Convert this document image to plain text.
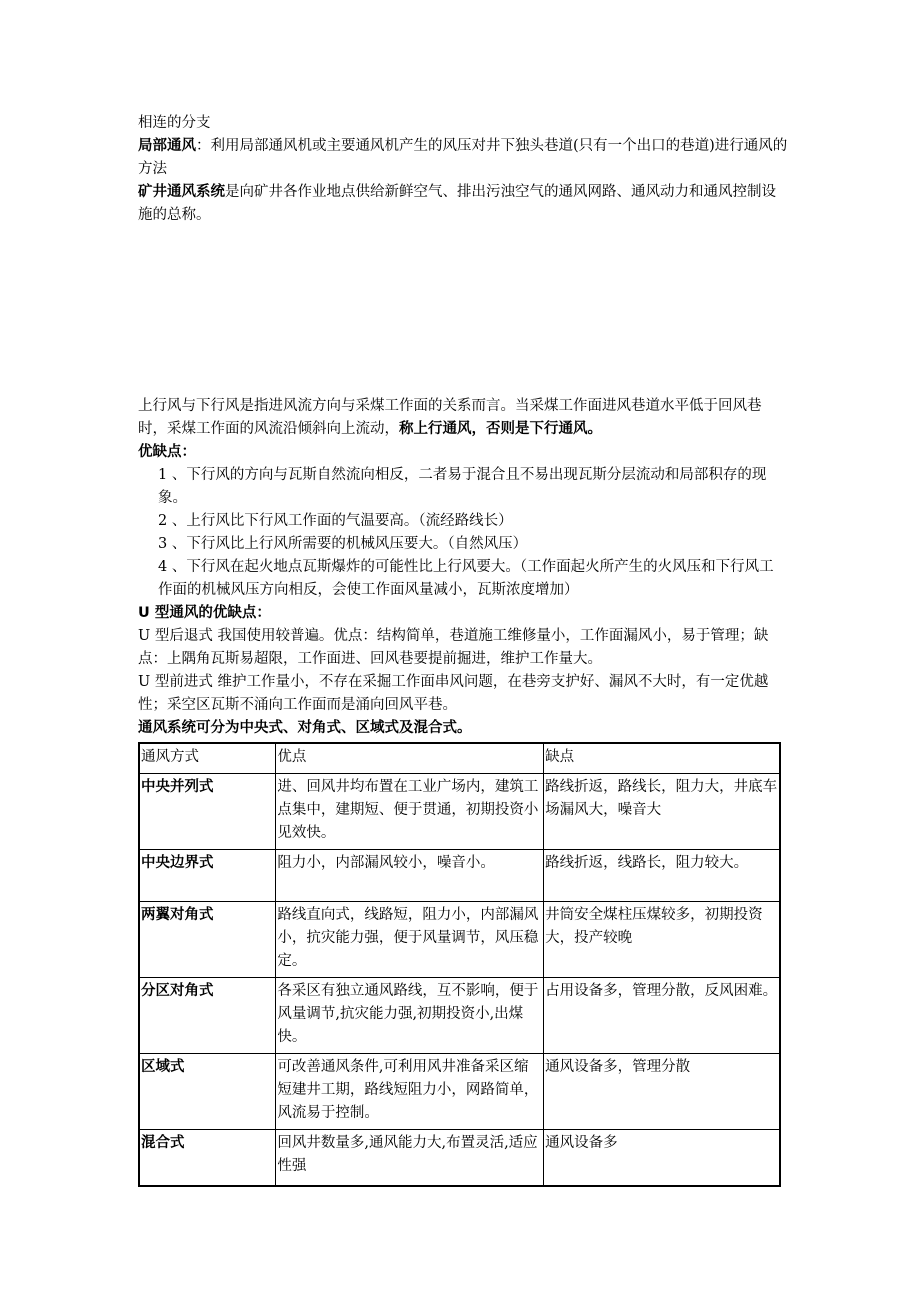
相连的分支

局部通风：利用局部通风机或主要通风机产生的风压对井下独头巷道(只有一个出口的巷道)进行通风的方法

矿井通风系统是向矿井各作业地点供给新鲜空气、排出污浊空气的通风网路、通风动力和通风控制设施的总称。

上行风与下行风是指进风流方向与采煤工作面的关系而言。当采煤工作面进风巷道水平低于回风巷时，采煤工作面的风流沿倾斜向上流动，称上行通风，否则是下行通风。

优缺点：

1 、下行风的方向与瓦斯自然流向相反，二者易于混合且不易出现瓦斯分层流动和局部积存的现象。

2 、上行风比下行风工作面的气温要高。（流经路线长）

3 、下行风比上行风所需要的机械风压要大。（自然风压）

4 、下行风在起火地点瓦斯爆炸的可能性比上行风要大。（工作面起火所产生的火风压和下行风工作面的机械风压方向相反，会使工作面风量减小，瓦斯浓度增加）

U 型通风的优缺点：

U 型后退式 我国使用较普遍。优点：结构简单，巷道施工维修量小，工作面漏风小，易于管理；缺点：上隅角瓦斯易超限，工作面进、回风巷要提前掘进，维护工作量大。

U 型前进式 维护工作量小，不存在采掘工作面串风问题，在巷旁支护好、漏风不大时，有一定优越性；采空区瓦斯不涌向工作面而是涌向回风平巷。

通风系统可分为中央式、对角式、区域式及混合式。

通风方式	优点	缺点
中央并列式	进、回风井均布置在工业广场内，建筑工点集中，建期短、便于贯通，初期投资小见效快。	路线折返，路线长，阻力大，井底车场漏风大，噪音大
中央边界式	阻力小，内部漏风较小，噪音小。	路线折返，线路长，阻力较大。
两翼对角式	路线直向式，线路短，阻力小，内部漏风小，抗灾能力强，便于风量调节，风压稳定。	井筒安全煤柱压煤较多，初期投资大，投产较晚
分区对角式	各采区有独立通风路线，互不影响，便于风量调节,抗灾能力强,初期投资小,出煤快。	占用设备多，管理分散，反风困难。
区域式	可改善通风条件,可利用风井准备采区缩短建井工期，路线短阻力小，网路简单，风流易于控制。	通风设备多，管理分散
混合式	回风井数量多,通风能力大,布置灵活,适应性强	通风设备多
